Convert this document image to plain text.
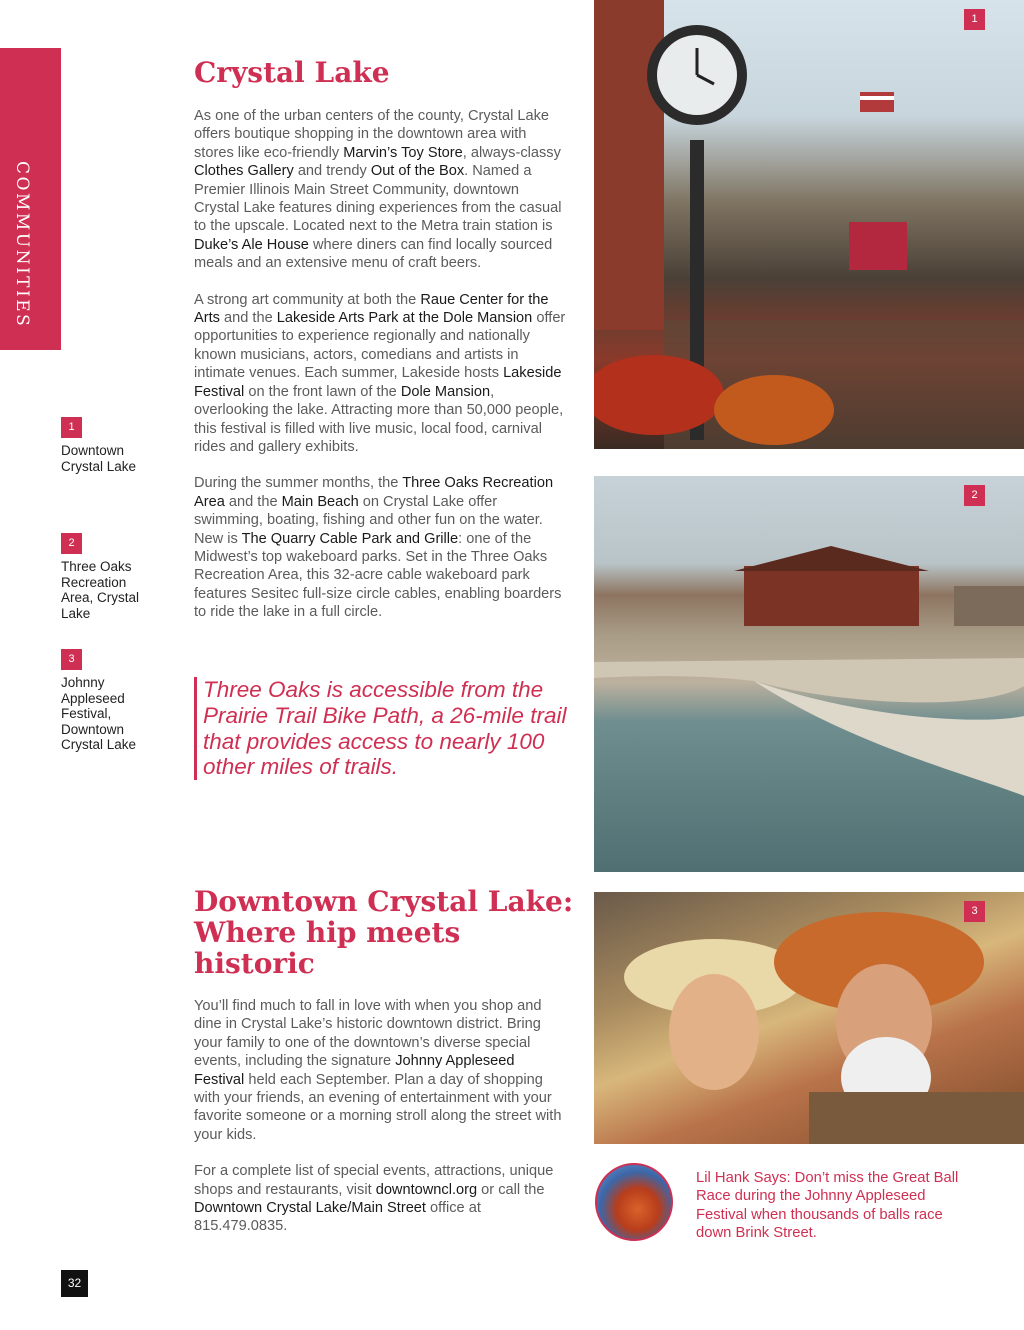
COMMUNITIES
1
Downtown Crystal Lake
2
Three Oaks Recreation Area, Crystal Lake
3
Johnny Appleseed Festival, Downtown Crystal Lake
Crystal Lake

As one of the urban centers of the county, Crystal Lake offers boutique shopping in the downtown area with stores like eco-friendly Marvin’s Toy Store, always-classy Clothes Gallery and trendy Out of the Box. Named a Premier Illinois Main Street Community, downtown Crystal Lake features dining experiences from the casual to the upscale. Located next to the Metra train station is Duke’s Ale House where diners can find locally sourced meals and an extensive menu of craft beers.

A strong art community at both the Raue Center for the Arts and the Lakeside Arts Park at the Dole Mansion offer opportunities to experience regionally and nationally known musicians, actors, comedians and artists in intimate venues. Each summer, Lakeside hosts Lakeside Festival on the front lawn of the Dole Mansion, overlooking the lake. Attracting more than 50,000 people, this festival is filled with live music, local food, carnival rides and gallery exhibits.

During the summer months, the Three Oaks Recreation Area and the Main Beach on Crystal Lake offer swimming, boating, fishing and other fun on the water. New is The Quarry Cable Park and Grille: one of the Midwest’s top wakeboard parks. Set in the Three Oaks Recreation Area, this 32-acre cable wakeboard park features Sesitec full-size circle cables, enabling boarders to ride the lake in a full circle.

Three Oaks is accessible from the Prairie Trail Bike Path, a 26-mile trail that provides access to nearly 100 other miles of trails.
Downtown Crystal Lake: Where hip meets historic

You’ll find much to fall in love with when you shop and dine in Crystal Lake’s historic downtown district. Bring your family to one of the downtown’s diverse special events, including the signature Johnny Appleseed Festival held each September. Plan a day of shopping with your friends, an evening of entertainment with your favorite someone or a morning stroll along the street with your kids.

For a complete list of special events, attractions, unique shops and restaurants, visit downtowncl.org or call the Downtown Crystal Lake/Main Street office at 815.479.0835.

1
2
3
Lil Hank Says: Don’t miss the Great Ball Race during the Johnny Appleseed Festival when thousands of balls race down Brink Street.
32
